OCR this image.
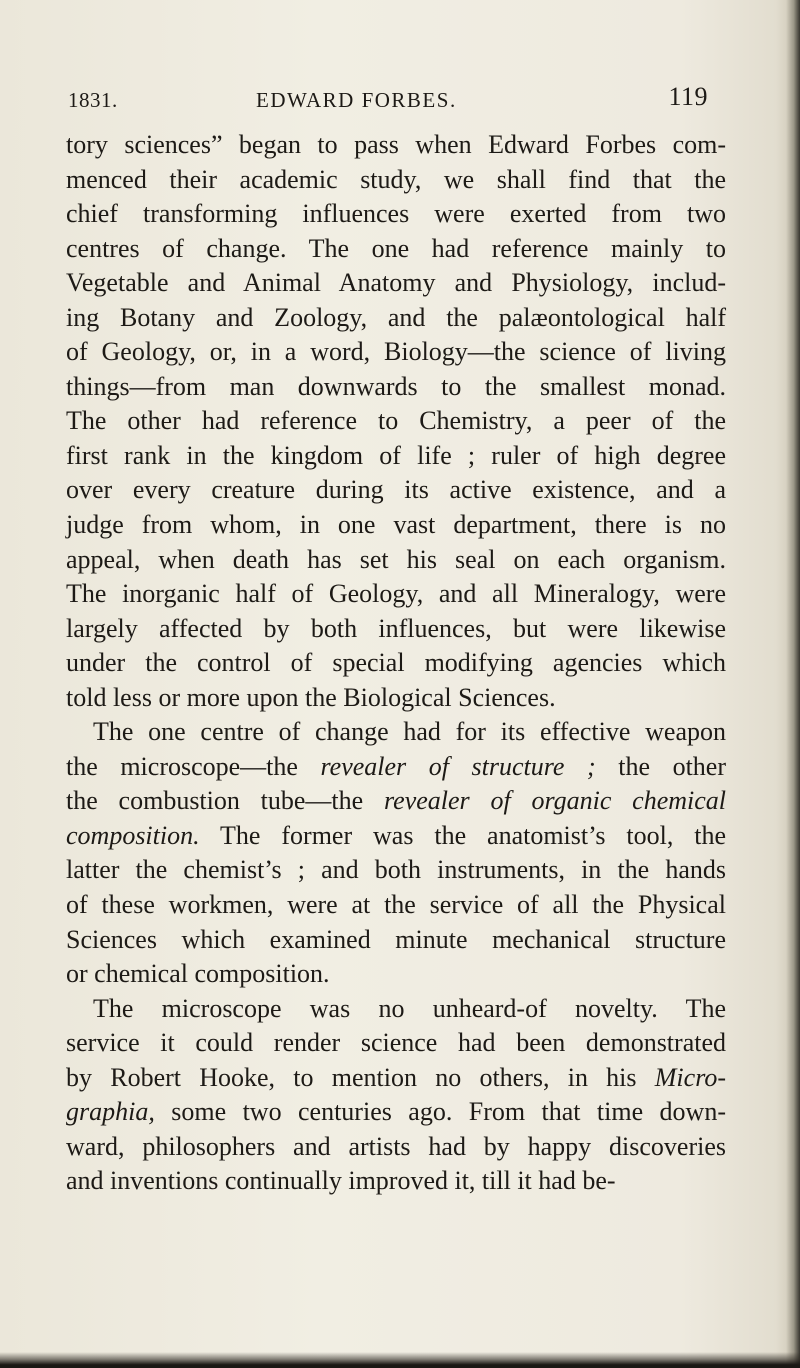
1831.	EDWARD FORBES.	119
tory sciences” began to pass when Edward Forbes com-
menced their academic study, we shall find that the
chief transforming influences were exerted from two
centres of change. The one had reference mainly to
Vegetable and Animal Anatomy and Physiology, includ-
ing Botany and Zoology, and the palæontological half
of Geology, or, in a word, Biology—the science of living
things—from man downwards to the smallest monad.
The other had reference to Chemistry, a peer of the
first rank in the kingdom of life ; ruler of high degree
over every creature during its active existence, and a
judge from whom, in one vast department, there is no
appeal, when death has set his seal on each organism.
The inorganic half of Geology, and all Mineralogy, were
largely affected by both influences, but were likewise
under the control of special modifying agencies which
told less or more upon the Biological Sciences.
The one centre of change had for its effective weapon
the microscope—the revealer of structure ; the other
the combustion tube—the revealer of organic chemical
composition. The former was the anatomist’s tool, the
latter the chemist’s ; and both instruments, in the hands
of these workmen, were at the service of all the Physical
Sciences which examined minute mechanical structure
or chemical composition.
The microscope was no unheard-of novelty. The
service it could render science had been demonstrated
by Robert Hooke, to mention no others, in his Micro-
graphia, some two centuries ago. From that time down-
ward, philosophers and artists had by happy discoveries
and inventions continually improved it, till it had be-
